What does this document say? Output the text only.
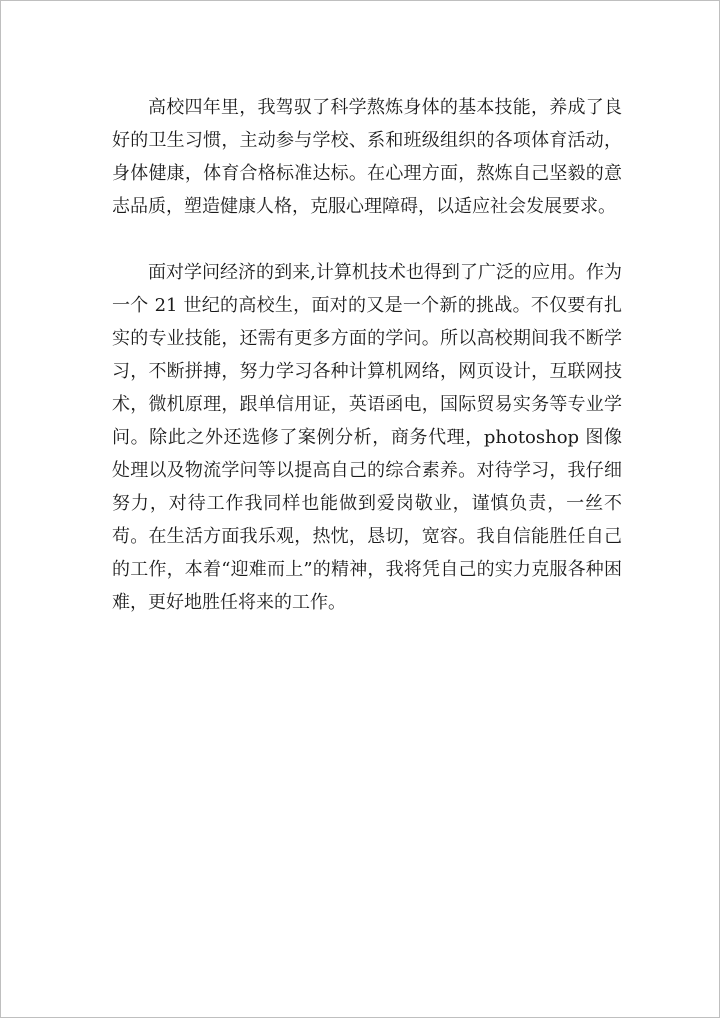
高校四年里，我驾驭了科学熬炼身体的基本技能，养成了良好的卫生习惯，主动参与学校、系和班级组织的各项体育活动，身体健康，体育合格标准达标。在心理方面，熬炼自己坚毅的意志品质，塑造健康人格，克服心理障碍，以适应社会发展要求。

面对学问经济的到来,计算机技术也得到了广泛的应用。作为一个 21 世纪的高校生，面对的又是一个新的挑战。不仅要有扎实的专业技能，还需有更多方面的学问。所以高校期间我不断学习，不断拼搏，努力学习各种计算机网络，网页设计，互联网技术，微机原理，跟单信用证，英语函电，国际贸易实务等专业学问。除此之外还选修了案例分析，商务代理，photoshop 图像处理以及物流学问等以提高自己的综合素养。对待学习，我仔细努力，对待工作我同样也能做到爱岗敬业，谨慎负责，一丝不苟。在生活方面我乐观，热忱，恳切，宽容。我自信能胜任自己的工作，本着“迎难而上”的精神，我将凭自己的实力克服各种困难，更好地胜任将来的工作。
